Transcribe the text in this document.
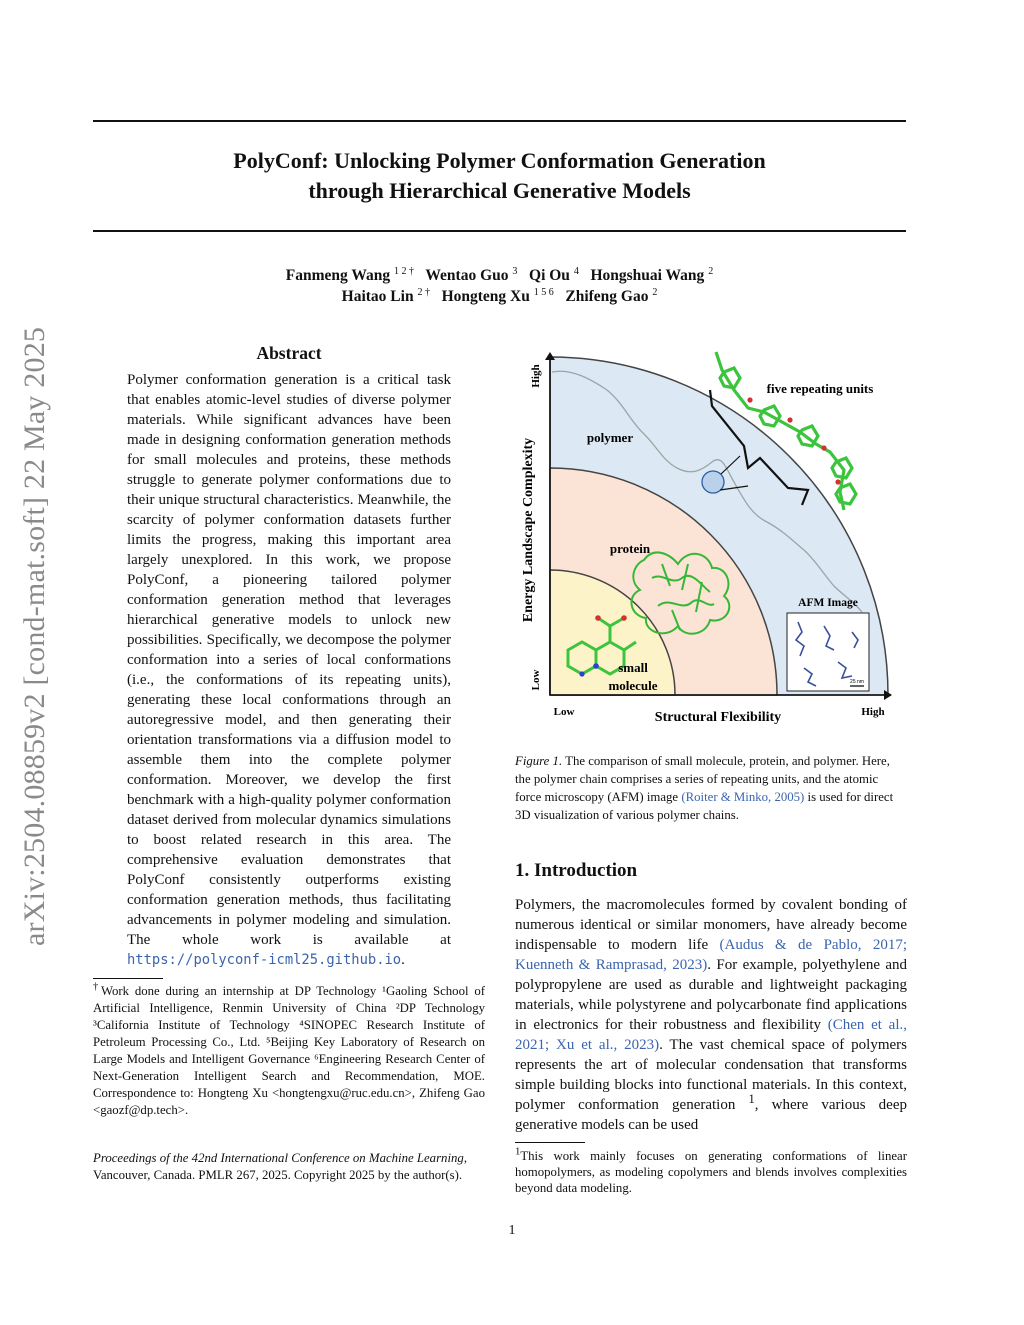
arXiv:2504.08859v2 [cond-mat.soft] 22 May 2025
PolyConf: Unlocking Polymer Conformation Generation
through Hierarchical Generative Models
Fanmeng Wang $^{1 2 \dagger}$ Wentao Guo $^3$ Qi Ou $^4$ Hongshuai Wang $^2$
Haitao Lin $^{2 \dagger}$ Hongteng Xu $^{1 5 6}$ Zhifeng Gao $^2$
Abstract
Polymer conformation generation is a critical task that enables atomic-level studies of diverse polymer materials. While significant advances have been made in designing conformation generation methods for small molecules and proteins, these methods struggle to generate polymer conformations due to their unique structural characteristics. Meanwhile, the scarcity of polymer conformation datasets further limits the progress, making this important area largely unexplored. In this work, we propose PolyConf, a pioneering tailored polymer conformation generation method that leverages hierarchical generative models to unlock new possibilities. Specifically, we decompose the polymer conformation into a series of local conformations (i.e., the conformations of its repeating units), generating these local conformations through an autoregressive model, and then generating their orientation transformations via a diffusion model to assemble them into the complete polymer conformation. Moreover, we develop the first benchmark with a high-quality polymer conformation dataset derived from molecular dynamics simulations to boost related research in this area. The comprehensive evaluation demonstrates that PolyConf consistently outperforms existing conformation generation methods, thus facilitating advancements in polymer modeling and simulation. The whole work is available at https://polyconf-icml25.github.io.
†Work done during an internship at DP Technology ¹Gaoling School of Artificial Intelligence, Renmin University of China ²DP Technology ³California Institute of Technology ⁴SINOPEC Research Institute of Petroleum Processing Co., Ltd. ⁵Beijing Key Laboratory of Research on Large Models and Intelligent Governance ⁶Engineering Research Center of Next-Generation Intelligent Search and Recommendation, MOE. Correspondence to: Hongteng Xu <hongtengxu@ruc.edu.cn>, Zhifeng Gao <gaozf@dp.tech>.
Proceedings of the 42nd International Conference on Machine Learning, Vancouver, Canada. PMLR 267, 2025. Copyright 2025 by the author(s).
25 nm
High
Low
Energy Landscape Complexity
Low	High
Structural Flexibility
polymer
protein
small
molecule
five repeating units
AFM Image
Figure 1. The comparison of small molecule, protein, and polymer. Here, the polymer chain comprises a series of repeating units, and the atomic force microscopy (AFM) image (Roiter & Minko, 2005) is used for direct 3D visualization of various polymer chains.
1. Introduction
Polymers, the macromolecules formed by covalent bonding of numerous identical or similar monomers, have already become indispensable to modern life (Audus & de Pablo, 2017; Kuenneth & Ramprasad, 2023). For example, polyethylene and polypropylene are used as durable and lightweight packaging materials, while polystyrene and polycarbonate find applications in electronics for their robustness and flexibility (Chen et al., 2021; Xu et al., 2023). The vast chemical space of polymers represents the art of molecular condensation that transforms simple building blocks into functional materials. In this context, polymer conformation generation $^1$, where various deep generative models can be used
$^1$This work mainly focuses on generating conformations of linear homopolymers, as modeling copolymers and blends involves complexities beyond data modeling.
1
